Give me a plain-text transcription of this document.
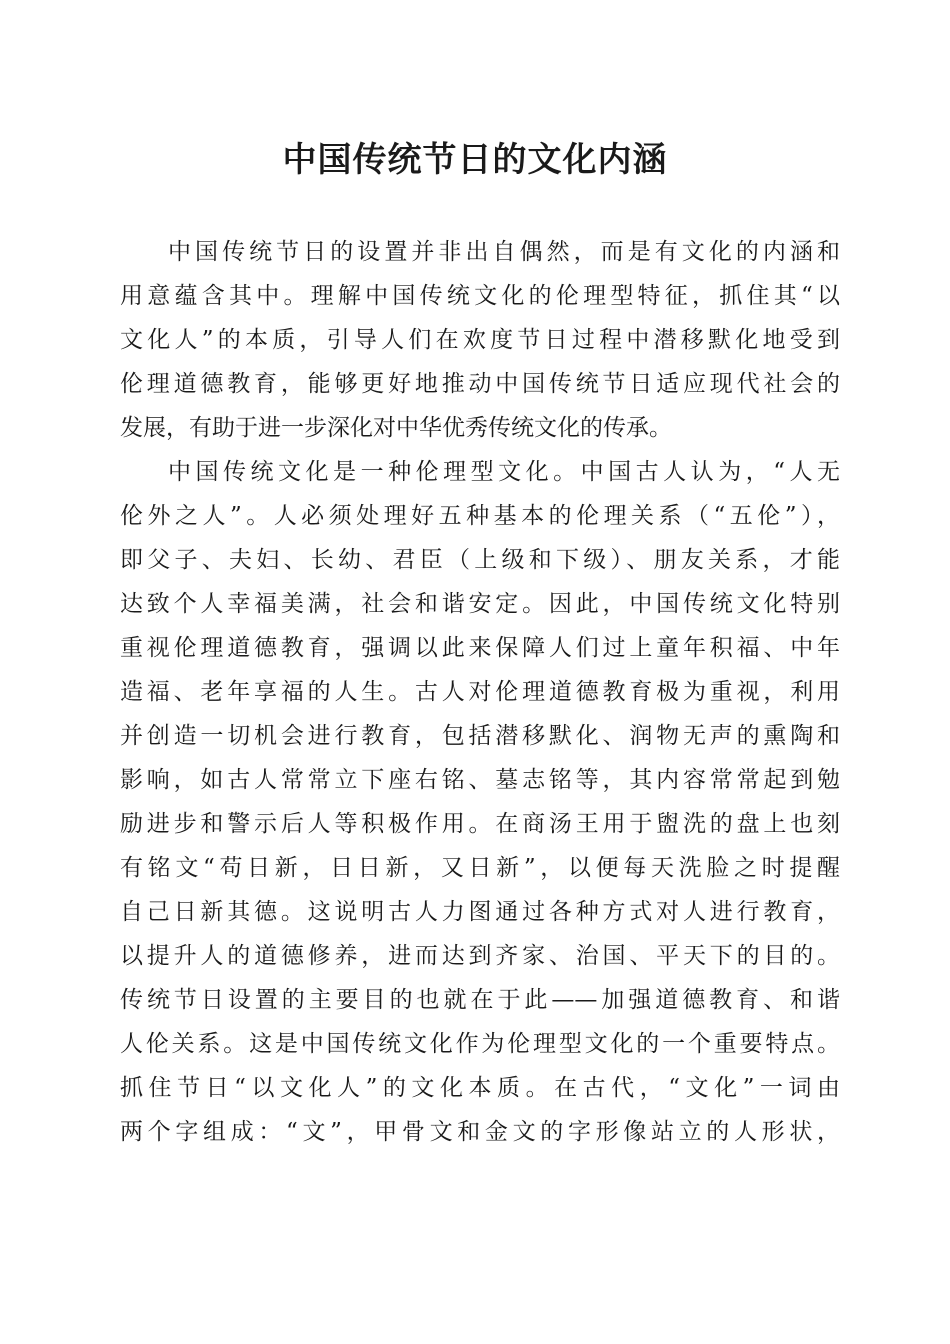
中国传统节日的文化内涵
中国传统节日的设置并非出自偶然，而是有文化的内涵和
用意蕴含其中。理解中国传统文化的伦理型特征，抓住其“以
文化人”的本质，引导人们在欢度节日过程中潜移默化地受到
伦理道德教育，能够更好地推动中国传统节日适应现代社会的
发展，有助于进一步深化对中华优秀传统文化的传承。
中国传统文化是一种伦理型文化。中国古人认为，“人无
伦外之人”。人必须处理好五种基本的伦理关系（“五伦”），
即父子、夫妇、长幼、君臣（上级和下级）、朋友关系，才能
达致个人幸福美满，社会和谐安定。因此，中国传统文化特别
重视伦理道德教育，强调以此来保障人们过上童年积福、中年
造福、老年享福的人生。古人对伦理道德教育极为重视，利用
并创造一切机会进行教育，包括潜移默化、润物无声的熏陶和
影响，如古人常常立下座右铭、墓志铭等，其内容常常起到勉
励进步和警示后人等积极作用。在商汤王用于盥洗的盘上也刻
有铭文“苟日新，日日新，又日新”，以便每天洗脸之时提醒
自己日新其德。这说明古人力图通过各种方式对人进行教育，
以提升人的道德修养，进而达到齐家、治国、平天下的目的。
传统节日设置的主要目的也就在于此——加强道德教育、和谐
人伦关系。这是中国传统文化作为伦理型文化的一个重要特点。
抓住节日“以文化人”的文化本质。在古代，“文化”一词由
两个字组成：“文”，甲骨文和金文的字形像站立的人形状，
